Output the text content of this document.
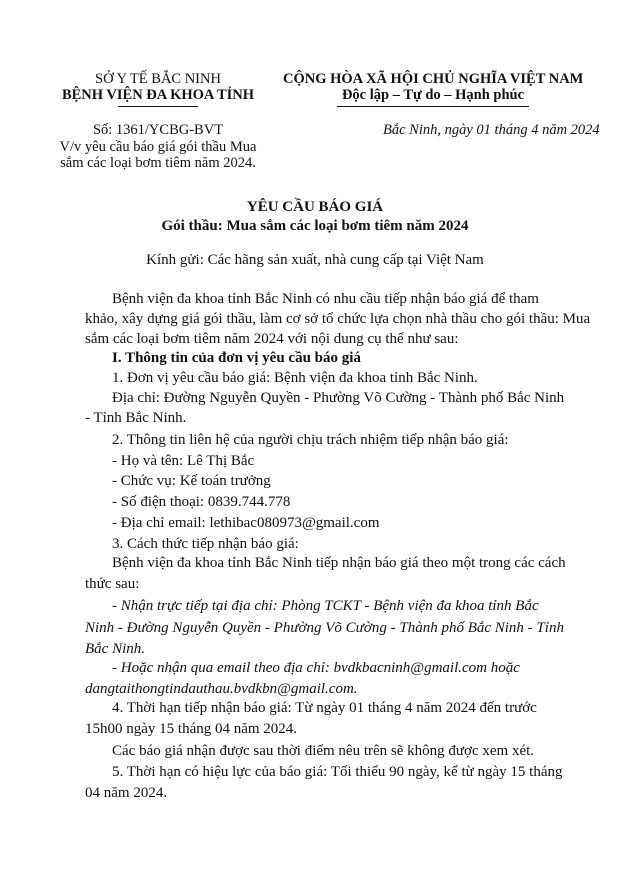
SỞ Y TẾ BẮC NINH
BỆNH VIỆN ĐA KHOA TỈNH
CỘNG HÒA XÃ HỘI CHỦ NGHĨA VIỆT NAM
Độc lập – Tự do – Hạnh phúc
Số: 1361/YCBG-BVT
V/v yêu cầu báo giá gói thầu Mua
sắm các loại bơm tiêm năm 2024.
Bắc Ninh, ngày 01 tháng 4 năm 2024
YÊU CẦU BÁO GIÁ
Gói thầu: Mua sắm các loại bơm tiêm năm 2024
Kính gửi: Các hãng sản xuất, nhà cung cấp tại Việt Nam
Bệnh viện đa khoa tỉnh Bắc Ninh có nhu cầu tiếp nhận báo giá để tham
khảo, xây dựng giá gói thầu, làm cơ sở tổ chức lựa chọn nhà thầu cho gói thầu: Mua
sắm các loại bơm tiêm năm 2024 với nội dung cụ thể như sau:
I. Thông tin của đơn vị yêu cầu báo giá
1. Đơn vị yêu cầu báo giá: Bệnh viện đa khoa tỉnh Bắc Ninh.
Địa chỉ: Đường Nguyễn Quyền - Phường Võ Cường - Thành phố Bắc Ninh
- Tỉnh Bắc Ninh.
2. Thông tin liên hệ của người chịu trách nhiệm tiếp nhận báo giá:
- Họ và tên: Lê Thị Bắc
- Chức vụ: Kế toán trưởng
- Số điện thoại: 0839.744.778
- Địa chỉ email: lethibac080973@gmail.com
3. Cách thức tiếp nhận báo giá:
Bệnh viện đa khoa tỉnh Bắc Ninh tiếp nhận báo giá theo một trong các cách
thức sau:
- Nhận trực tiếp tại địa chỉ: Phòng TCKT - Bệnh viện đa khoa tỉnh Bắc
Ninh - Đường Nguyễn Quyền - Phường Võ Cường - Thành phố Bắc Ninh - Tỉnh
Bắc Ninh.
- Hoặc nhận qua email theo địa chỉ: bvdkbacninh@gmail.com hoặc
dangtaithongtindauthau.bvdkbn@gmail.com.
4. Thời hạn tiếp nhận báo giá: Từ ngày 01 tháng 4 năm 2024 đến trước
15h00 ngày 15 tháng 04 năm 2024.
Các báo giá nhận được sau thời điểm nêu trên sẽ không được xem xét.
5. Thời hạn có hiệu lực của báo giá: Tối thiểu 90 ngày, kể từ ngày 15 tháng
04 năm 2024.
